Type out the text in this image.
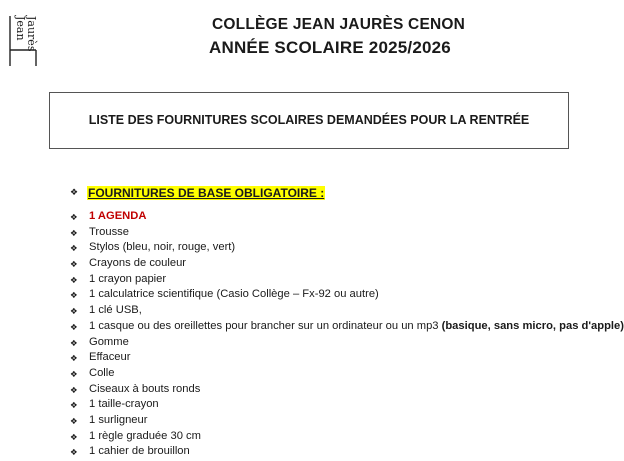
Jean
Jaurès	COLLÈGE JEAN JAURÈS CENON
ANNÉE SCOLAIRE 2025/2026
LISTE DES FOURNITURES SCOLAIRES DEMANDÉES POUR LA RENTRÉE
❖ FOURNITURES DE BASE OBLIGATOIRE :
❖ 1 AGENDA
❖ Trousse
❖ Stylos (bleu, noir, rouge, vert)
❖ Crayons de couleur
❖ 1 crayon papier
❖ 1 calculatrice scientifique (Casio Collège – Fx-92 ou autre)
❖ 1 clé USB,
❖ 1 casque ou des oreillettes pour brancher sur un ordinateur ou un mp3 (basique, sans micro, pas d'apple)
❖ Gomme
❖ Effaceur
❖ Colle
❖ Ciseaux à bouts ronds
❖ 1 taille-crayon
❖ 1 surligneur
❖ 1 règle graduée 30 cm
❖ 1 cahier de brouillon
